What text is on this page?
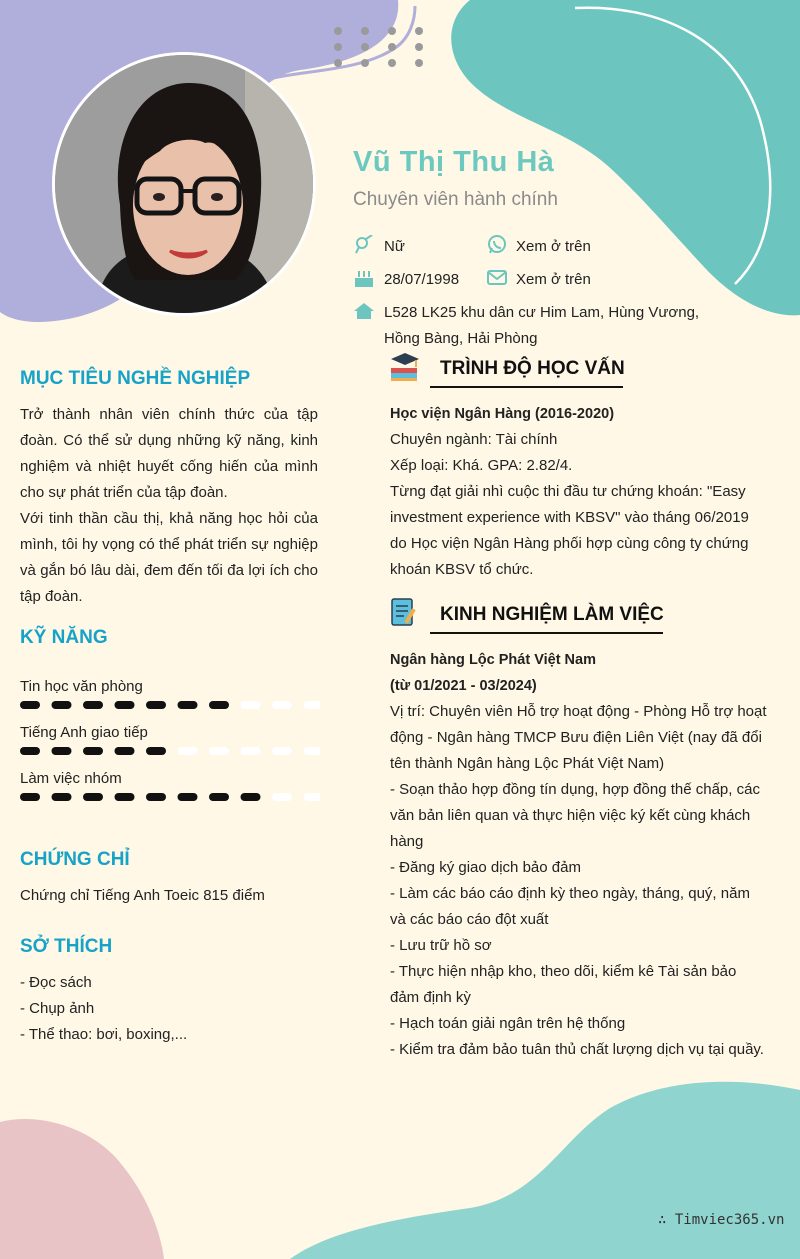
Vũ Thị Thu Hà
Chuyên viên hành chính
Nữ	Xem ở trên
28/07/1998	Xem ở trên
L528 LK25 khu dân cư Him Lam, Hùng Vương,
Hồng Bàng, Hải Phòng
MỤC TIÊU NGHỀ NGHIỆP

Trở thành nhân viên chính thức của tập đoàn. Có thể sử dụng những kỹ năng, kinh nghiệm và nhiệt huyết cống hiến của mình cho sự phát triển của tập đoàn.

Với tinh thần cầu thị, khả năng học hỏi của mình, tôi hy vọng có thể phát triển sự nghiệp và gắn bó lâu dài, đem đến tối đa lợi ích cho tập đoàn.

KỸ NĂNG
Tin học văn phòng
Tiếng Anh giao tiếp
Làm việc nhóm
CHỨNG CHỈ
Chứng chỉ Tiếng Anh Toeic 815 điểm
SỞ THÍCH

- Đọc sách

- Chụp ảnh

- Thể thao: bơi, boxing,...

TRÌNH ĐỘ HỌC VẤN

Học viện Ngân Hàng (2016-2020)

Chuyên ngành: Tài chính

Xếp loại: Khá. GPA: 2.82/4.

Từng đạt giải nhì cuộc thi đầu tư chứng khoán: "Easy investment experience with KBSV" vào tháng 06/2019 do Học viện Ngân Hàng phối hợp cùng công ty chứng khoán KBSV tổ chức.

KINH NGHIỆM LÀM VIỆC

Ngân hàng Lộc Phát Việt Nam

(từ 01/2021 - 03/2024)

Vị trí: Chuyên viên Hỗ trợ hoạt động - Phòng Hỗ trợ hoạt động - Ngân hàng TMCP Bưu điện Liên Việt (nay đã đổi tên thành Ngân hàng Lộc Phát Việt Nam)

- Soạn thảo hợp đồng tín dụng, hợp đồng thế chấp, các văn bản liên quan và thực hiện việc ký kết cùng khách hàng

- Đăng ký giao dịch bảo đảm

- Làm các báo cáo định kỳ theo ngày, tháng, quý, năm và các báo cáo đột xuất

- Lưu trữ hồ sơ

- Thực hiện nhập kho, theo dõi, kiểm kê Tài sản bảo đảm định kỳ

- Hạch toán giải ngân trên hệ thống

- Kiểm tra đảm bảo tuân thủ chất lượng dịch vụ tại quầy.

∴ Timviec365.vn
